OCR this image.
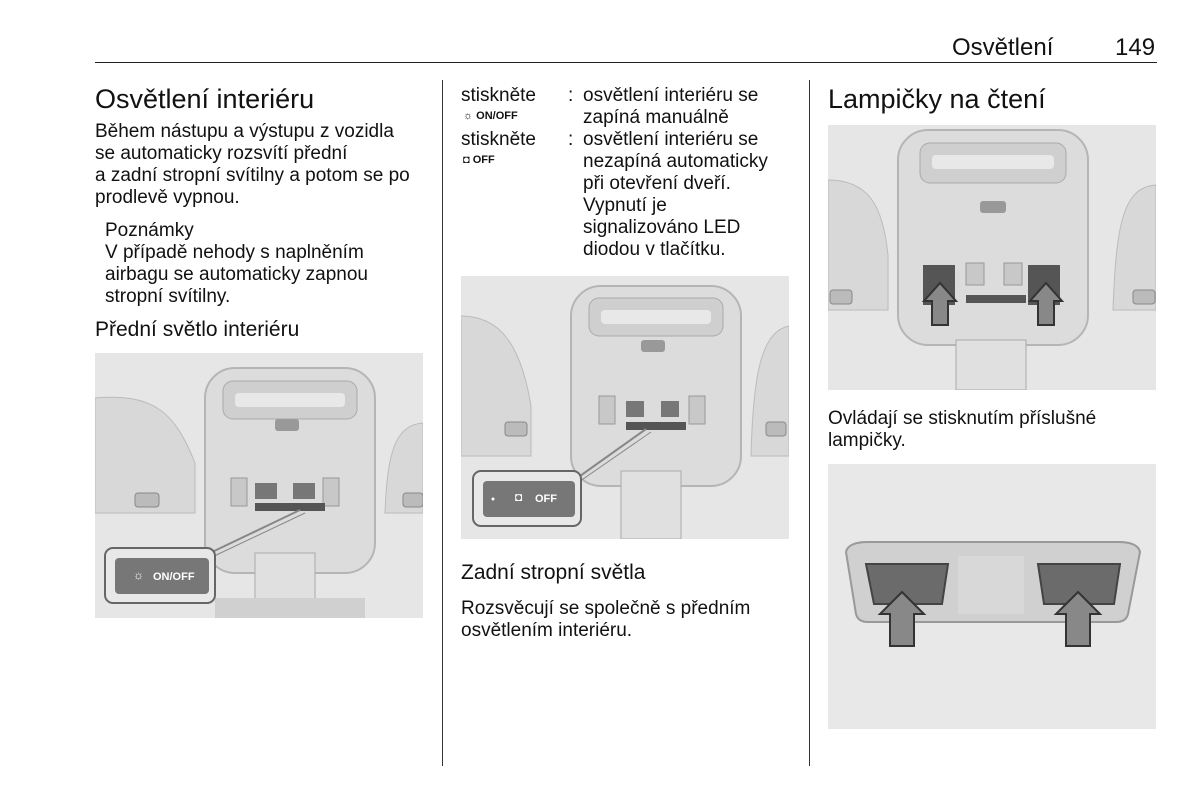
Osvětlení	149
Osvětlení interiéru
Během nástupu a výstupu z vozidla
se automaticky rozsvítí přední
a zadní stropní svítilny a potom se po
prodlevě vypnou.
Poznámky
V případě nehody s naplněním
airbagu se automaticky zapnou
stropní svítilny.
Přední světlo interiéru
ON/OFF
☼
stiskněte
☼ ON/OFF
: osvětlení interiéru se
zapíná manuálně
stiskněte
◘ OFF
: osvětlení interiéru se
nezapíná automaticky
při otevření dveří.
Vypnutí je
signalizováno LED
diodou v tlačítku.
OFF
◘
Zadní stropní světla
Rozsvěcují se společně s předním
osvětlením interiéru.
Lampičky na čtení
Ovládají se stisknutím příslušné
lampičky.
